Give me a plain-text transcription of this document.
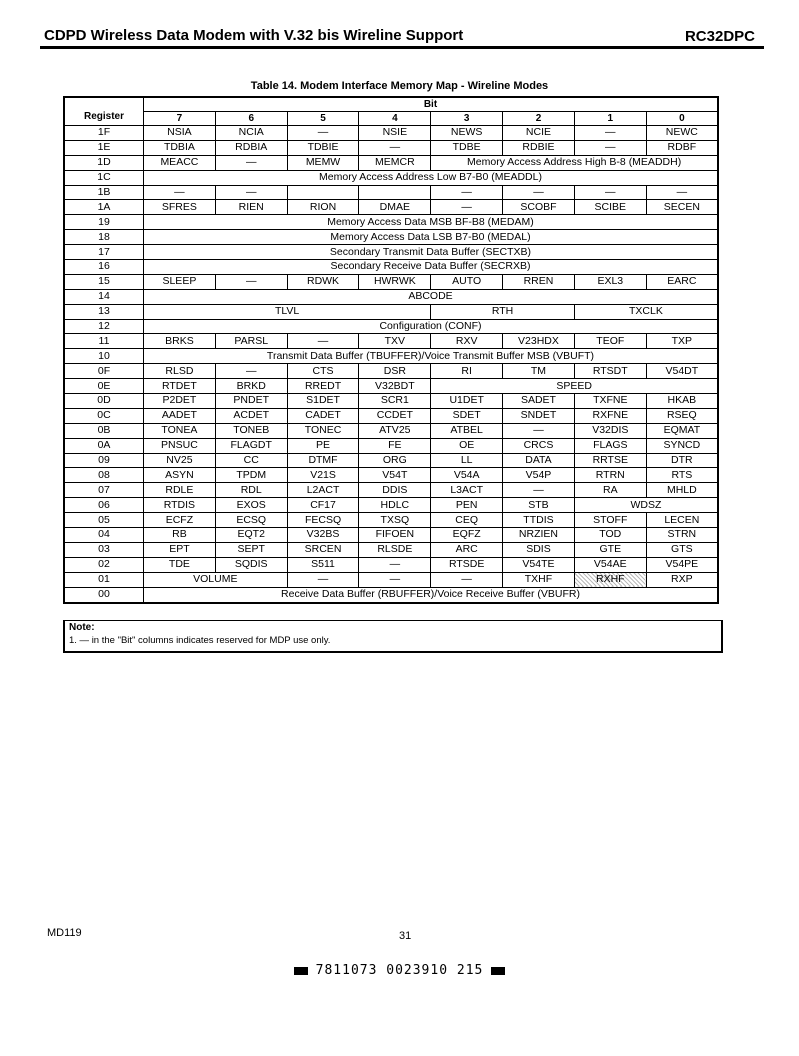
CDPD Wireless Data Modem with V.32 bis Wireline Support	RC32DPC
Table 14. Modem Interface Memory Map - Wireline Modes
Register	Bit							
	7	6	5	4	3	2	1	0
1F	NSIA	NCIA	—	NSIE	NEWS	NCIE	—	NEWC
1E	TDBIA	RDBIA	TDBIE	—	TDBE	RDBIE	—	RDBF
1D	MEACC	—	MEMW	MEMCR	Memory Access Address High B-8 (MEADDH)			
1C	Memory Access Address Low B7-B0 (MEADDL)							
1B	—	—			—	—	—	—
1A	SFRES	RIEN	RION	DMAE	—	SCOBF	SCIBE	SECEN
19	Memory Access Data MSB BF-B8 (MEDAM)							
18	Memory Access Data LSB B7-B0 (MEDAL)							
17	Secondary Transmit Data Buffer (SECTXB)							
16	Secondary Receive Data Buffer (SECRXB)							
15	SLEEP	—	RDWK	HWRWK	AUTO	RREN	EXL3	EARC
14	ABCODE							
13	TLVL				RTH		TXCLK	
12	Configuration (CONF)							
11	BRKS	PARSL	—	TXV	RXV	V23HDX	TEOF	TXP
10	Transmit Data Buffer (TBUFFER)/Voice Transmit Buffer MSB (VBUFT)							
0F	RLSD	—	CTS	DSR	RI	TM	RTSDT	V54DT
0E	RTDET	BRKD	RREDT	V32BDT	SPEED			
0D	P2DET	PNDET	S1DET	SCR1	U1DET	SADET	TXFNE	HKAB
0C	AADET	ACDET	CADET	CCDET	SDET	SNDET	RXFNE	RSEQ
0B	TONEA	TONEB	TONEC	ATV25	ATBEL	—	V32DIS	EQMAT
0A	PNSUC	FLAGDT	PE	FE	OE	CRCS	FLAGS	SYNCD
09	NV25	CC	DTMF	ORG	LL	DATA	RRTSE	DTR
08	ASYN	TPDM	V21S	V54T	V54A	V54P	RTRN	RTS
07	RDLE	RDL	L2ACT	DDIS	L3ACT	—	RA	MHLD
06	RTDIS	EXOS	CF17	HDLC	PEN	STB	WDSZ	
05	ECFZ	ECSQ	FECSQ	TXSQ	CEQ	TTDIS	STOFF	LECEN
04	RB	EQT2	V32BS	FIFOEN	EQFZ	NRZIEN	TOD	STRN
03	EPT	SEPT	SRCEN	RLSDE	ARC	SDIS	GTE	GTS
02	TDE	SQDIS	S511	—	RTSDE	V54TE	V54AE	V54PE
01	VOLUME		—	—	—	TXHF	RXHF	RXP
00	Receive Data Buffer (RBUFFER)/Voice Receive Buffer (VBUFR)							
Note:
1. — in the "Bit" columns indicates reserved for MDP use only.
MD119	31
7811073 0023910 215
